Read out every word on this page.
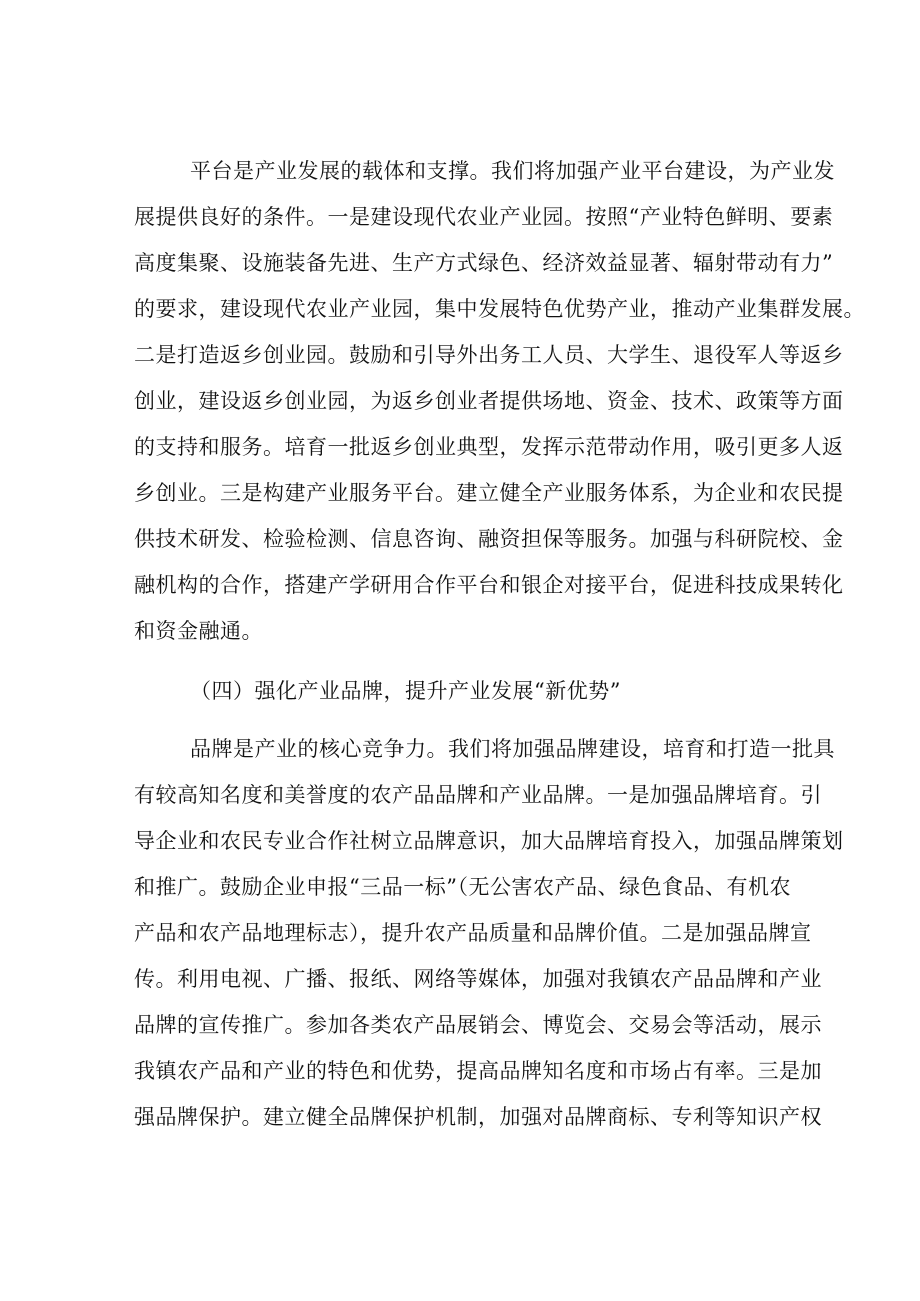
平台是产业发展的载体和支撑。我们将加强产业平台建设，为产业发
展提供良好的条件。一是建设现代农业产业园。按照“产业特色鲜明、要素
高度集聚、设施装备先进、生产方式绿色、经济效益显著、辐射带动有力”
的要求，建设现代农业产业园，集中发展特色优势产业，推动产业集群发展。
二是打造返乡创业园。鼓励和引导外出务工人员、大学生、退役军人等返乡
创业，建设返乡创业园，为返乡创业者提供场地、资金、技术、政策等方面
的支持和服务。培育一批返乡创业典型，发挥示范带动作用，吸引更多人返
乡创业。三是构建产业服务平台。建立健全产业服务体系，为企业和农民提
供技术研发、检验检测、信息咨询、融资担保等服务。加强与科研院校、金
融机构的合作，搭建产学研用合作平台和银企对接平台，促进科技成果转化
和资金融通。
（四）强化产业品牌，提升产业发展“新优势”
品牌是产业的核心竞争力。我们将加强品牌建设，培育和打造一批具
有较高知名度和美誉度的农产品品牌和产业品牌。一是加强品牌培育。引
导企业和农民专业合作社树立品牌意识，加大品牌培育投入，加强品牌策划
和推广。鼓励企业申报“三品一标”（无公害农产品、绿色食品、有机农
产品和农产品地理标志），提升农产品质量和品牌价值。二是加强品牌宣
传。利用电视、广播、报纸、网络等媒体，加强对我镇农产品品牌和产业
品牌的宣传推广。参加各类农产品展销会、博览会、交易会等活动，展示
我镇农产品和产业的特色和优势，提高品牌知名度和市场占有率。三是加
强品牌保护。建立健全品牌保护机制，加强对品牌商标、专利等知识产权
